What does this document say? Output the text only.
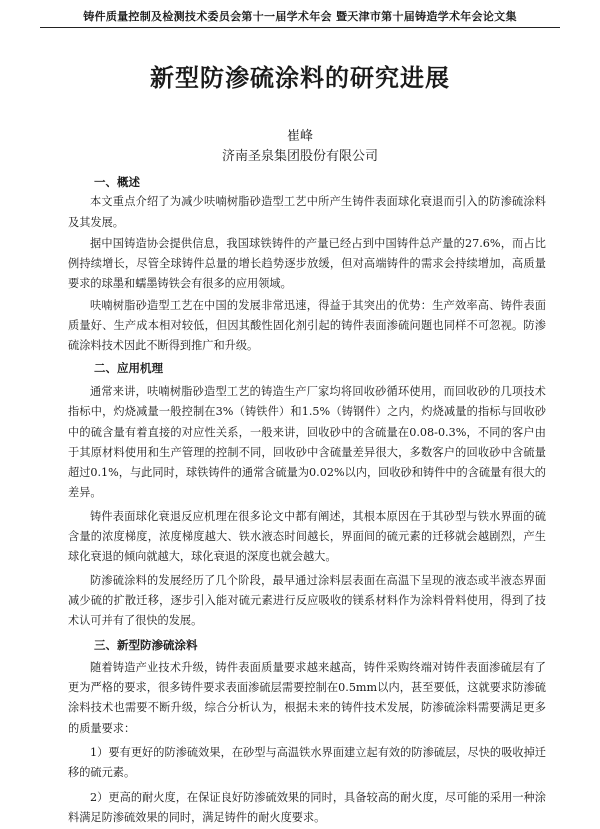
铸件质量控制及检测技术委员会第十一届学术年会 暨天津市第十届铸造学术年会论文集
新型防渗硫涂料的研究进展
崔峰
济南圣泉集团股份有限公司

一、概述

本文重点介绍了为减少呋喃树脂砂造型工艺中所产生铸件表面球化衰退而引入的防渗硫涂料及其发展。

据中国铸造协会提供信息，我国球铁铸件的产量已经占到中国铸件总产量的27.6%，而占比例持续增长，尽管全球铸件总量的增长趋势逐步放缓，但对高端铸件的需求会持续增加，高质量要求的球墨和蠕墨铸铁会有很多的应用领域。

呋喃树脂砂造型工艺在中国的发展非常迅速，得益于其突出的优势：生产效率高、铸件表面质量好、生产成本相对较低，但因其酸性固化剂引起的铸件表面渗硫问题也同样不可忽视。防渗硫涂料技术因此不断得到推广和升级。

二、应用机理

通常来讲，呋喃树脂砂造型工艺的铸造生产厂家均将回收砂循环使用，而回收砂的几项技术指标中，灼烧减量一般控制在3%（铸铁件）和1.5%（铸钢件）之内，灼烧减量的指标与回收砂中的硫含量有着直接的对应性关系，一般来讲，回收砂中的含硫量在0.08-0.3%，不同的客户由于其原材料使用和生产管理的控制不同，回收砂中含硫量差异很大，多数客户的回收砂中含硫量超过0.1%，与此同时，球铁铸件的通常含硫量为0.02%以内，回收砂和铸件中的含硫量有很大的差异。

铸件表面球化衰退反应机理在很多论文中都有阐述，其根本原因在于其砂型与铁水界面的硫含量的浓度梯度，浓度梯度越大、铁水液态时间越长，界面间的硫元素的迁移就会越剧烈，产生球化衰退的倾向就越大，球化衰退的深度也就会越大。

防渗硫涂料的发展经历了几个阶段，最早通过涂料层表面在高温下呈现的液态或半液态界面减少硫的扩散迁移，逐步引入能对硫元素进行反应吸收的镁系材料作为涂料骨料使用，得到了技术认可并有了很快的发展。

三、新型防渗硫涂料

随着铸造产业技术升级，铸件表面质量要求越来越高，铸件采购终端对铸件表面渗硫层有了更为严格的要求，很多铸件要求表面渗硫层需要控制在0.5mm以内，甚至要低，这就要求防渗硫涂料技术也需要不断升级，综合分析认为，根据未来的铸件技术发展，防渗硫涂料需要满足更多的质量要求：

1）要有更好的防渗硫效果，在砂型与高温铁水界面建立起有效的防渗硫层，尽快的吸收掉迁移的硫元素。

2）更高的耐火度，在保证良好防渗硫效果的同时，具备较高的耐火度，尽可能的采用一种涂料满足防渗硫效果的同时，满足铸件的耐火度要求。
